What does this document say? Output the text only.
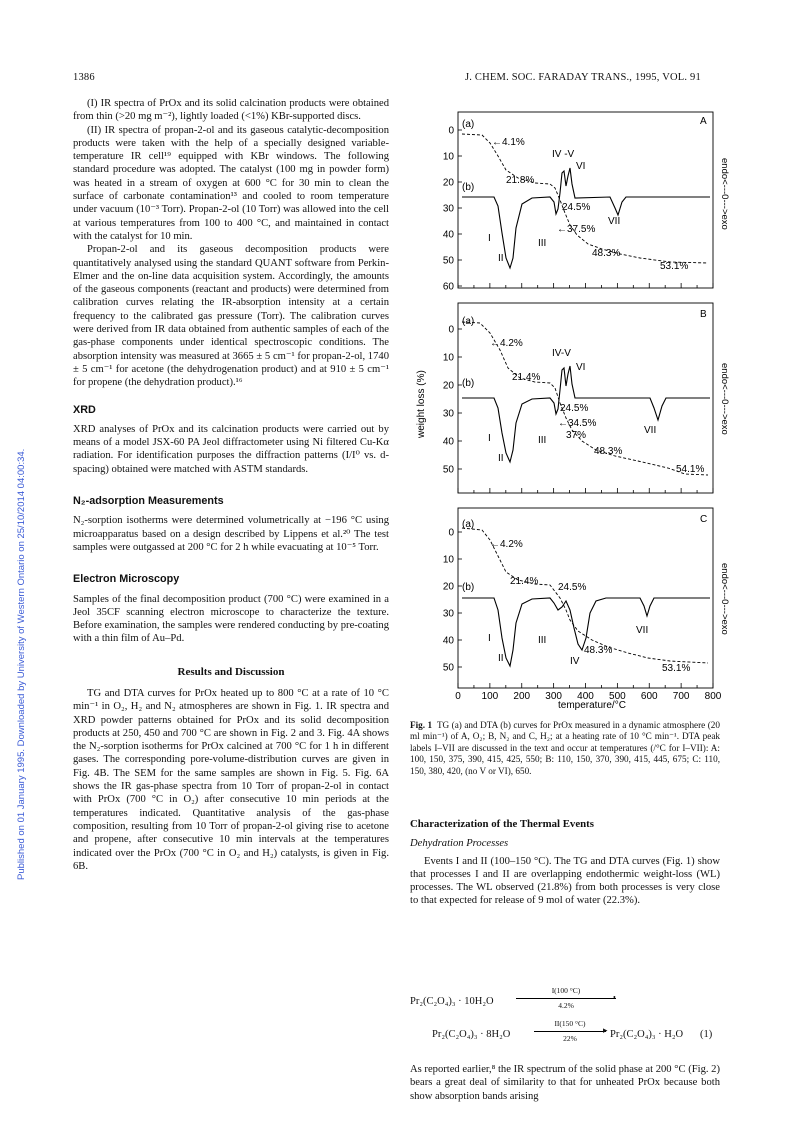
1386	J. CHEM. SOC. FARADAY TRANS., 1995, VOL. 91
Published on 01 January 1995. Downloaded by University of Western Ontario on 25/10/2014 04:00:34.

(I) IR spectra of PrOx and its solid calcination products were obtained from thin (>20 mg m⁻²), lightly loaded (<1%) KBr-supported discs.

(II) IR spectra of propan-2-ol and its gaseous catalytic-decomposition products were taken with the help of a specially designed variable-temperature IR cell¹⁹ equipped with KBr windows. The following standard procedure was adopted. The catalyst (100 mg in powder form) was heated in a stream of oxygen at 600 °C for 30 min to clean the surface of carbonate contamination¹³ and cooled to room temperature under vacuum (10⁻³ Torr). Propan-2-ol (10 Torr) was allowed into the cell at various temperatures from 100 to 400 °C, and maintained in contact with the catalyst for 10 min.

Propan-2-ol and its gaseous decomposition products were quantitatively analysed using the standard QUANT software from Perkin-Elmer and the on-line data acquisition system. Accordingly, the amounts of the gaseous components (reactant and products) were determined from calibration curves relating the IR-absorption intensity at a certain frequency to the calibrated gas pressure (Torr). The calibration curves were derived from IR data obtained from authentic samples of each of the gas-phase components under identical spectroscopic conditions. The absorption intensity was measured at 3665 ± 5 cm⁻¹ for propan-2-ol, 1740 ± 5 cm⁻¹ for acetone (the dehydrogenation product) and at 910 ± 5 cm⁻¹ for propene (the dehydration product).¹⁶

XRD

XRD analyses of PrOx and its calcination products were carried out by means of a model JSX-60 PA Jeol diffractometer using Ni filtered Cu-Kα radiation. For identification purposes the diffraction patterns (I/I⁰ vs. d-spacing) obtained were matched with ASTM standards.

N₂-adsorption Measurements

N₂-sorption isotherms were determined volumetrically at −196 °C using microapparatus based on a design described by Lippens et al.²⁰ The test samples were outgassed at 200 °C for 2 h while evacuating at 10⁻⁵ Torr.

Electron Microscopy

Samples of the final decomposition product (700 °C) were examined in a Jeol 35CF scanning electron microscope to characterize the texture. Before examination, the samples were rendered conducting by pre-coating with a thin film of Au–Pd.

Results and Discussion

TG and DTA curves for PrOx heated up to 800 °C at a rate of 10 °C min⁻¹ in O₂, H₂ and N₂ atmospheres are shown in Fig. 1. IR spectra and XRD powder patterns obtained for PrOx and its solid decomposition products at 250, 450 and 700 °C are shown in Fig. 2 and 3. Fig. 4A shows the N₂-sorption isotherms for PrOx calcined at 700 °C for 1 h in different gases. The corresponding pore-volume-distribution curves are given in Fig. 4B. The SEM for the same samples are shown in Fig. 5. Fig. 6A shows the IR gas-phase spectra from 10 Torr of propan-2-ol in contact with PrOx (700 °C in O₂) after consecutive 10 min periods at the temperatures indicated. Quantitative analysis of the gas-phase composition, resulting from 10 Torr of propan-2-ol giving rise to acetone and propene, after consecutive 10 min intervals at the temperatures indicated over the PrOx (700 °C in O₂ and H₂) catalysts, is given in Fig. 6B.

0
10
20
30
40
50
60
0
10
20
30
40
50
0
10
20
30
40
50
0 100 200 300 400 500 600 700 800
A
(a)
(b)
←4.1%
21.8%
24.5%
←37.5%
48.3%
53.1%
I
II
III
IV -V
VI
VII
B
(a)
(b)
←4.2%
21.4%
24.5%
←34.5%
37%
48.3%
54.1%
I
II
III
IV-V
VI
VII
C
(a)
(b)
←4.2%
21.4%
24.5%
48.3%
53.1%
I
II
III
IV
VII
weight loss (%)
endo<---0--->exo
endo<---0--->exo
endo<---0--->exo
temperature/°C
Fig. 1 TG (a) and DTA (b) curves for PrOx measured in a dynamic atmosphere (20 ml min⁻¹) of A, O₂; B, N₂ and C, H₂; at a heating rate of 10 °C min⁻¹. DTA peak labels I–VII are discussed in the text and occur at temperatures (/°C for I–VII): A: 100, 150, 375, 390, 415, 425, 550; B: 110, 150, 370, 390, 415, 445, 675; C: 110, 150, 380, 420, (no V or VI), 650.

Characterization of the Thermal Events

Dehydration Processes

Events I and II (100–150 °C). The TG and DTA curves (Fig. 1) show that processes I and II are overlapping endothermic weight-loss (WL) processes. The WL observed (21.8%) from both processes is very close to that expected for release of 9 mol of water (22.3%).

Pr₂(C₂O₄)₃ · 10H₂O
I(100 °C)
•
4.2%
Pr₂(C₂O₄)₃ · 8H₂O
II(150 °C)
▸
22%	Pr₂(C₂O₄)₃ · H₂O (1)

As reported earlier,⁸ the IR spectrum of the solid phase at 200 °C (Fig. 2) bears a great deal of similarity to that for unheated PrOx because both show absorption bands arising
